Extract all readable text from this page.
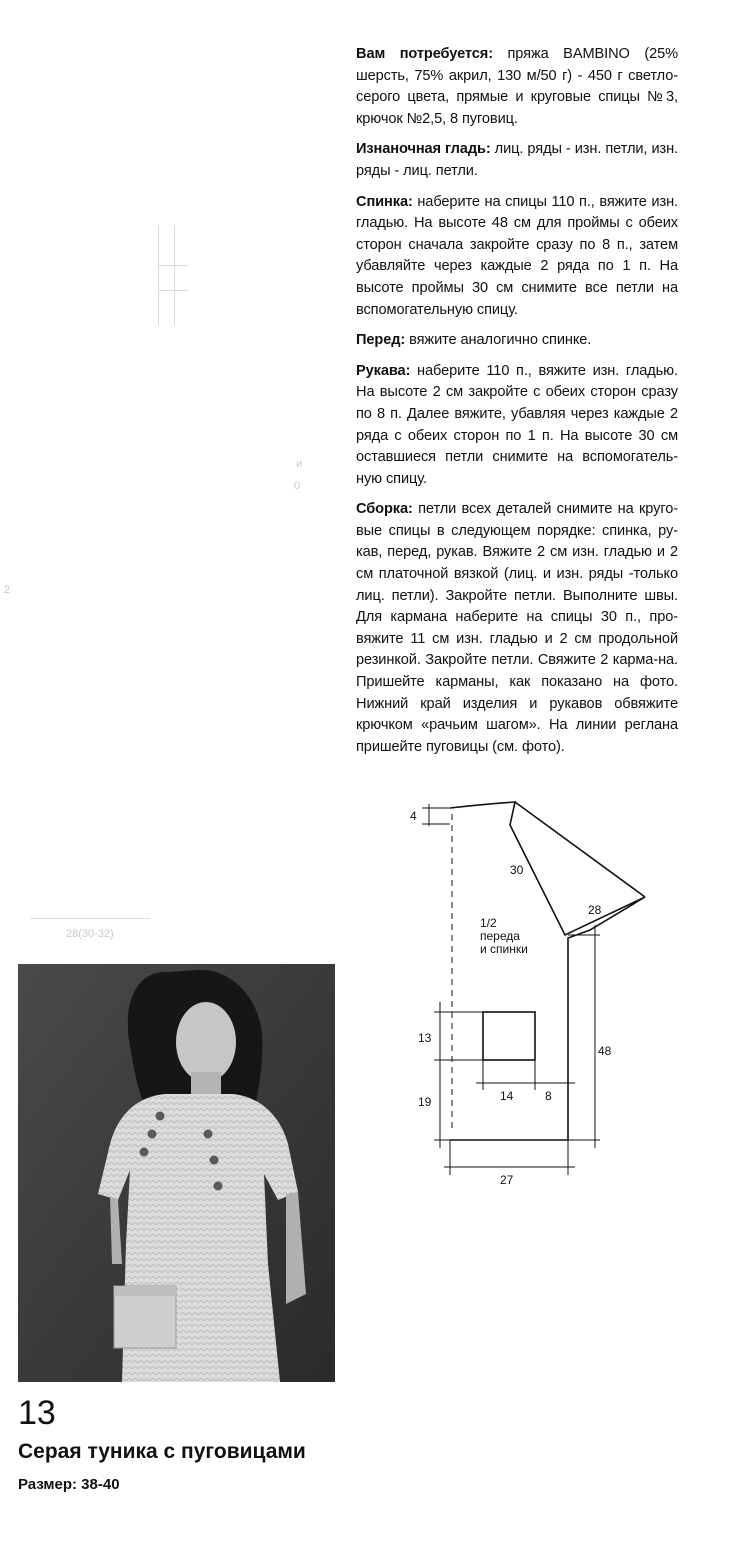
28(30-32)
и
0
2

Вам потребуется: пряжа BAMBINO (25% шерсть, 75% акрил, 130 м/50 г) - 450 г светло-серого цвета, прямые и круговые спицы №3, крючок №2,5, 8 пуговиц.

Изнаночная гладь: лиц. ряды - изн. петли, изн. ряды - лиц. петли.

Спинка: наберите на спицы 110 п., вяжите изн. гладью. На высоте 48 см для проймы с обеих сторон сначала закройте сразу по 8 п., затем убавляйте через каждые 2 ряда по 1 п. На высоте проймы 30 см снимите все петли на вспомогательную спицу.

Перед: вяжите аналогично спинке.

Рукава: наберите 110 п., вяжите изн. гладью. На высоте 2 см закройте с обеих сторон сразу по 8 п. Далее вяжите, убавляя через каждые 2 ряда с обеих сторон по 1 п. На высоте 30 см оставшиеся петли снимите на вспомогатель-ную спицу.

Сборка: петли всех деталей снимите на круго-вые спицы в следующем порядке: спинка, ру-кав, перед, рукав. Вяжите 2 см изн. гладью и 2 см платочной вязкой (лиц. и изн. ряды -только лиц. петли). Закройте петли. Выполните швы. Для кармана наберите на спицы 30 п., про-вяжите 11 см изн. гладью и 2 см продольной резинкой. Закройте петли. Свяжите 2 карма-на. Пришейте карманы, как показано на фото. Нижний край изделия и рукавов обвяжите крючком «рачьим шагом». На линии реглана пришейте пуговицы (см. фото).

4
30
28
1/2
переда
и спинки
13
48
19	14	8
27
13
Серая туника с пуговицами
Размер: 38-40
